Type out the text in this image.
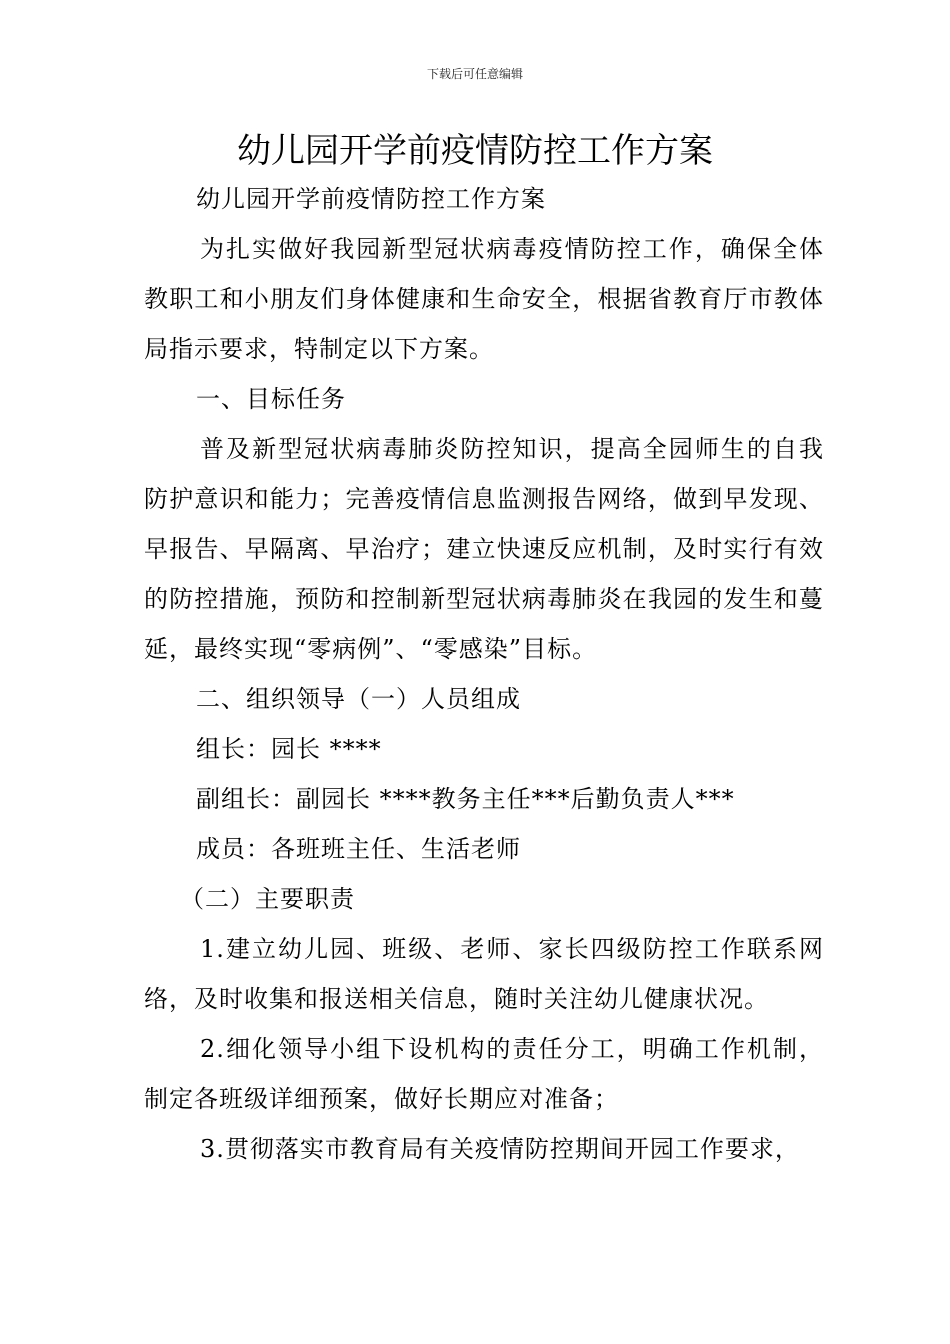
下载后可任意编辑
幼儿园开学前疫情防控工作方案

幼儿园开学前疫情防控工作方案

为扎实做好我园新型冠状病毒疫情防控工作，确保全体教职工和小朋友们身体健康和生命安全，根据省教育厅市教体局指示要求，特制定以下方案。

一、目标任务

普及新型冠状病毒肺炎防控知识，提高全园师生的自我防护意识和能力；完善疫情信息监测报告网络，做到早发现、早报告、早隔离、早治疗；建立快速反应机制，及时实行有效的防控措施，预防和控制新型冠状病毒肺炎在我园的发生和蔓延，最终实现“零病例”、“零感染”目标。

二、组织领导（一）人员组成

组长：园长 ****

副组长：副园长 ****教务主任***后勤负责人***

成员：各班班主任、生活老师

（二）主要职责

1.建立幼儿园、班级、老师、家长四级防控工作联系网络，及时收集和报送相关信息，随时关注幼儿健康状况。

2.细化领导小组下设机构的责任分工，明确工作机制，制定各班级详细预案，做好长期应对准备；

3.贯彻落实市教育局有关疫情防控期间开园工作要求，
